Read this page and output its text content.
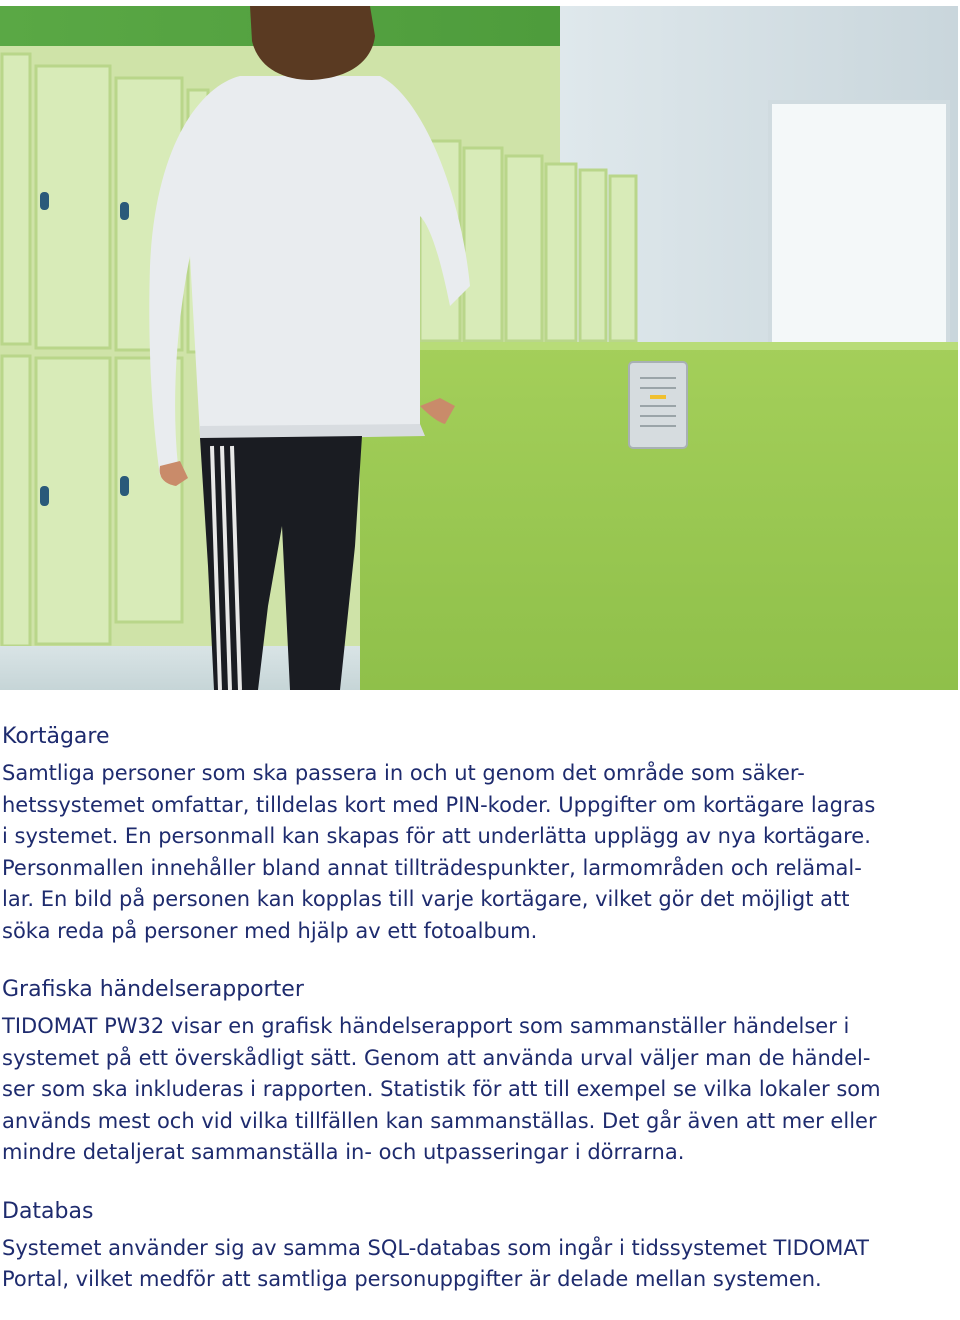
Kortägare

Samtliga personer som ska passera in och ut genom det område som säker-
hetssystemet omfattar, tilldelas kort med PIN-koder. Uppgifter om kortägare lagras
i systemet. En personmall kan skapas för att underlätta upplägg av nya kortägare.
Personmallen innehåller bland annat tillträdespunkter, larmområden och relämal-
lar. En bild på personen kan kopplas till varje kortägare, vilket gör det möjligt att
söka reda på personer med hjälp av ett fotoalbum.

Grafiska händelserapporter

TIDOMAT PW32 visar en grafisk händelserapport som sammanställer händelser i
systemet på ett överskådligt sätt. Genom att använda urval väljer man de händel-
ser som ska inkluderas i rapporten. Statistik för att till exempel se vilka lokaler som
används mest och vid vilka tillfällen kan sammanställas. Det går även att mer eller
mindre detaljerat sammanställa in- och utpasseringar i dörrarna.

Databas

Systemet använder sig av samma SQL-databas som ingår i tidssystemet TIDOMAT
Portal, vilket medför att samtliga personuppgifter är delade mellan systemen.
